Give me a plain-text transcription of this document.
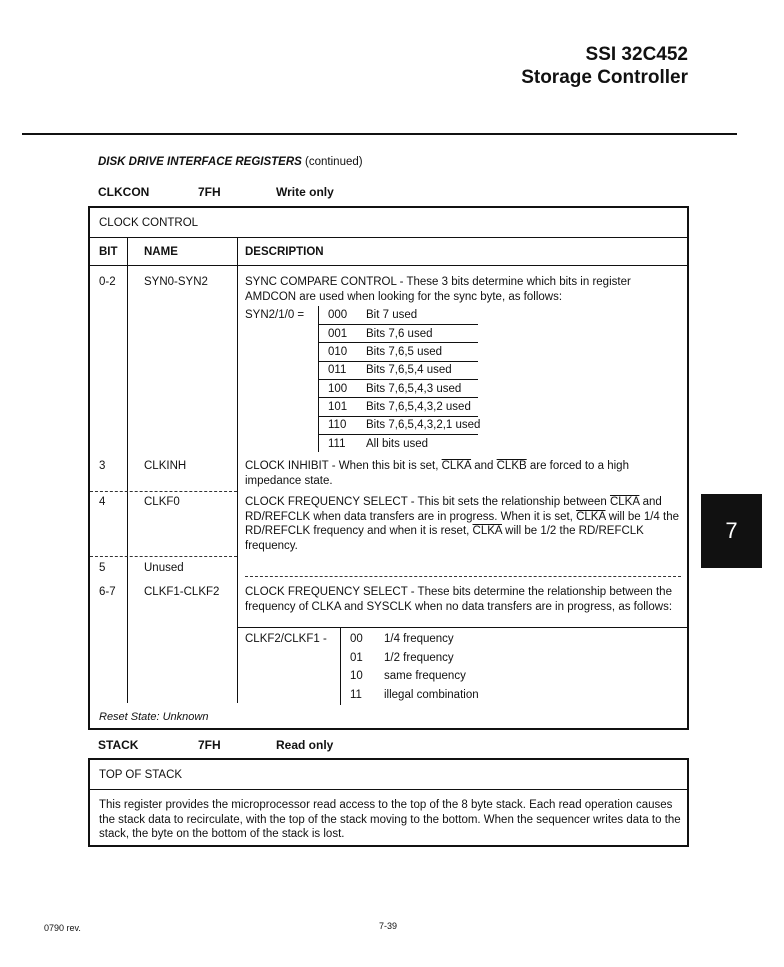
SSI 32C452
Storage Controller
DISK DRIVE INTERFACE REGISTERS (continued)
CLKCON	7FH	Write only
CLOCK CONTROL
BIT NAME	DESCRIPTION
0-2 SYN0-SYN2	SYNC COMPARE CONTROL - These 3 bits determine which bits in register AMDCON are used when looking for the sync byte, as follows:
SYN2/1/0 = 000 Bit 7 used
001 Bits 7,6 used
010 Bits 7,6,5 used
011 Bits 7,6,5,4 used
100 Bits 7,6,5,4,3 used
101 Bits 7,6,5,4,3,2 used
110 Bits 7,6,5,4,3,2,1 used
111 All bits used
3	CLKINH	CLOCK INHIBIT - When this bit is set, CLKA and CLKB are forced to a high impedance state.
4	CLKF0	CLOCK FREQUENCY SELECT - This bit sets the relationship between CLKA and RD/REFCLK when data transfers are in progress. When it is set, CLKA will be 1/4 the RD/REFCLK frequency and when it is reset, CLKA will be 1/2 the RD/REFCLK frequency.
5	Unused
6-7 CLKF1-CLKF2 CLOCK FREQUENCY SELECT - These bits determine the relationship between the frequency of CLKA and SYSCLK when no data transfers are in progress, as follows:
CLKF2/CLKF1 - 00 1/4 frequency
01 1/2 frequency
10 same frequency
11 illegal combination
Reset State: Unknown
STACK	7FH	Read only
TOP OF STACK
This register provides the microprocessor read access to the top of the 8 byte stack. Each read operation causes the stack data to recirculate, with the top of the stack moving to the bottom. When the sequencer writes data to the stack, the byte on the bottom of the stack is lost.
7
0790 rev.	7-39
